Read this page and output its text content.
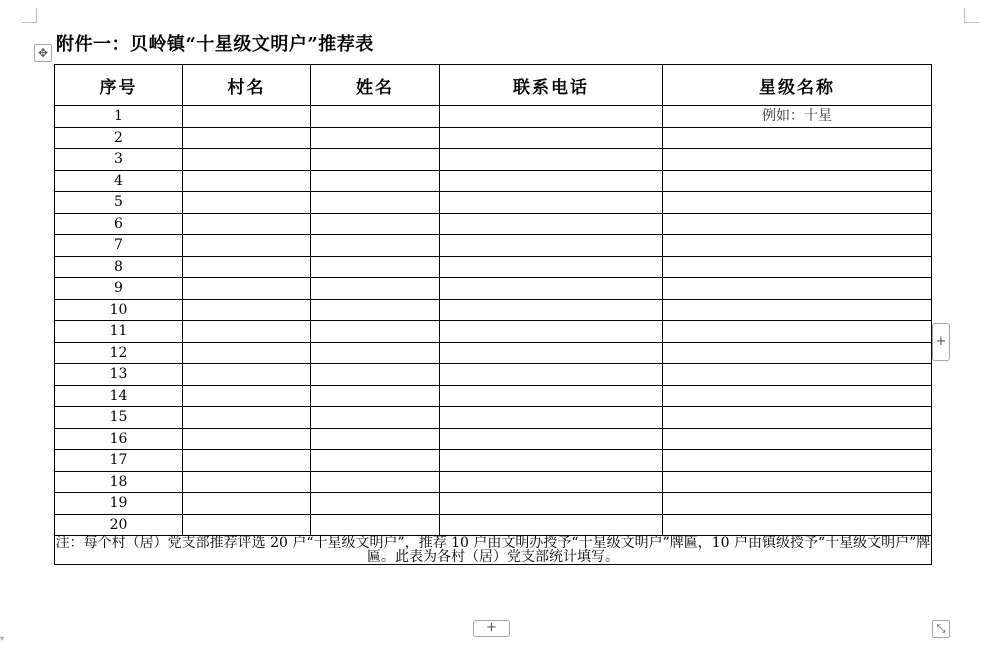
✥ 附件一：贝岭镇“十星级文明户”推荐表
序号	村名	姓名	联系电话	星级名称
1				例如：十星
2				
3				
4				
5				
6				
7				
8				
9				
10				
11				
12				
13				
14				
15				
16				
17				
18				
19				
20				
注：每个村（居）党支部推荐评选 20 户“十星级文明户”，推荐 10 户由文明办授予“十星级文明户”牌匾，10 户由镇级授予“十星级文明户”牌匾。此表为各村（居）党支部统计填写。				
+
+	⤡
▾
